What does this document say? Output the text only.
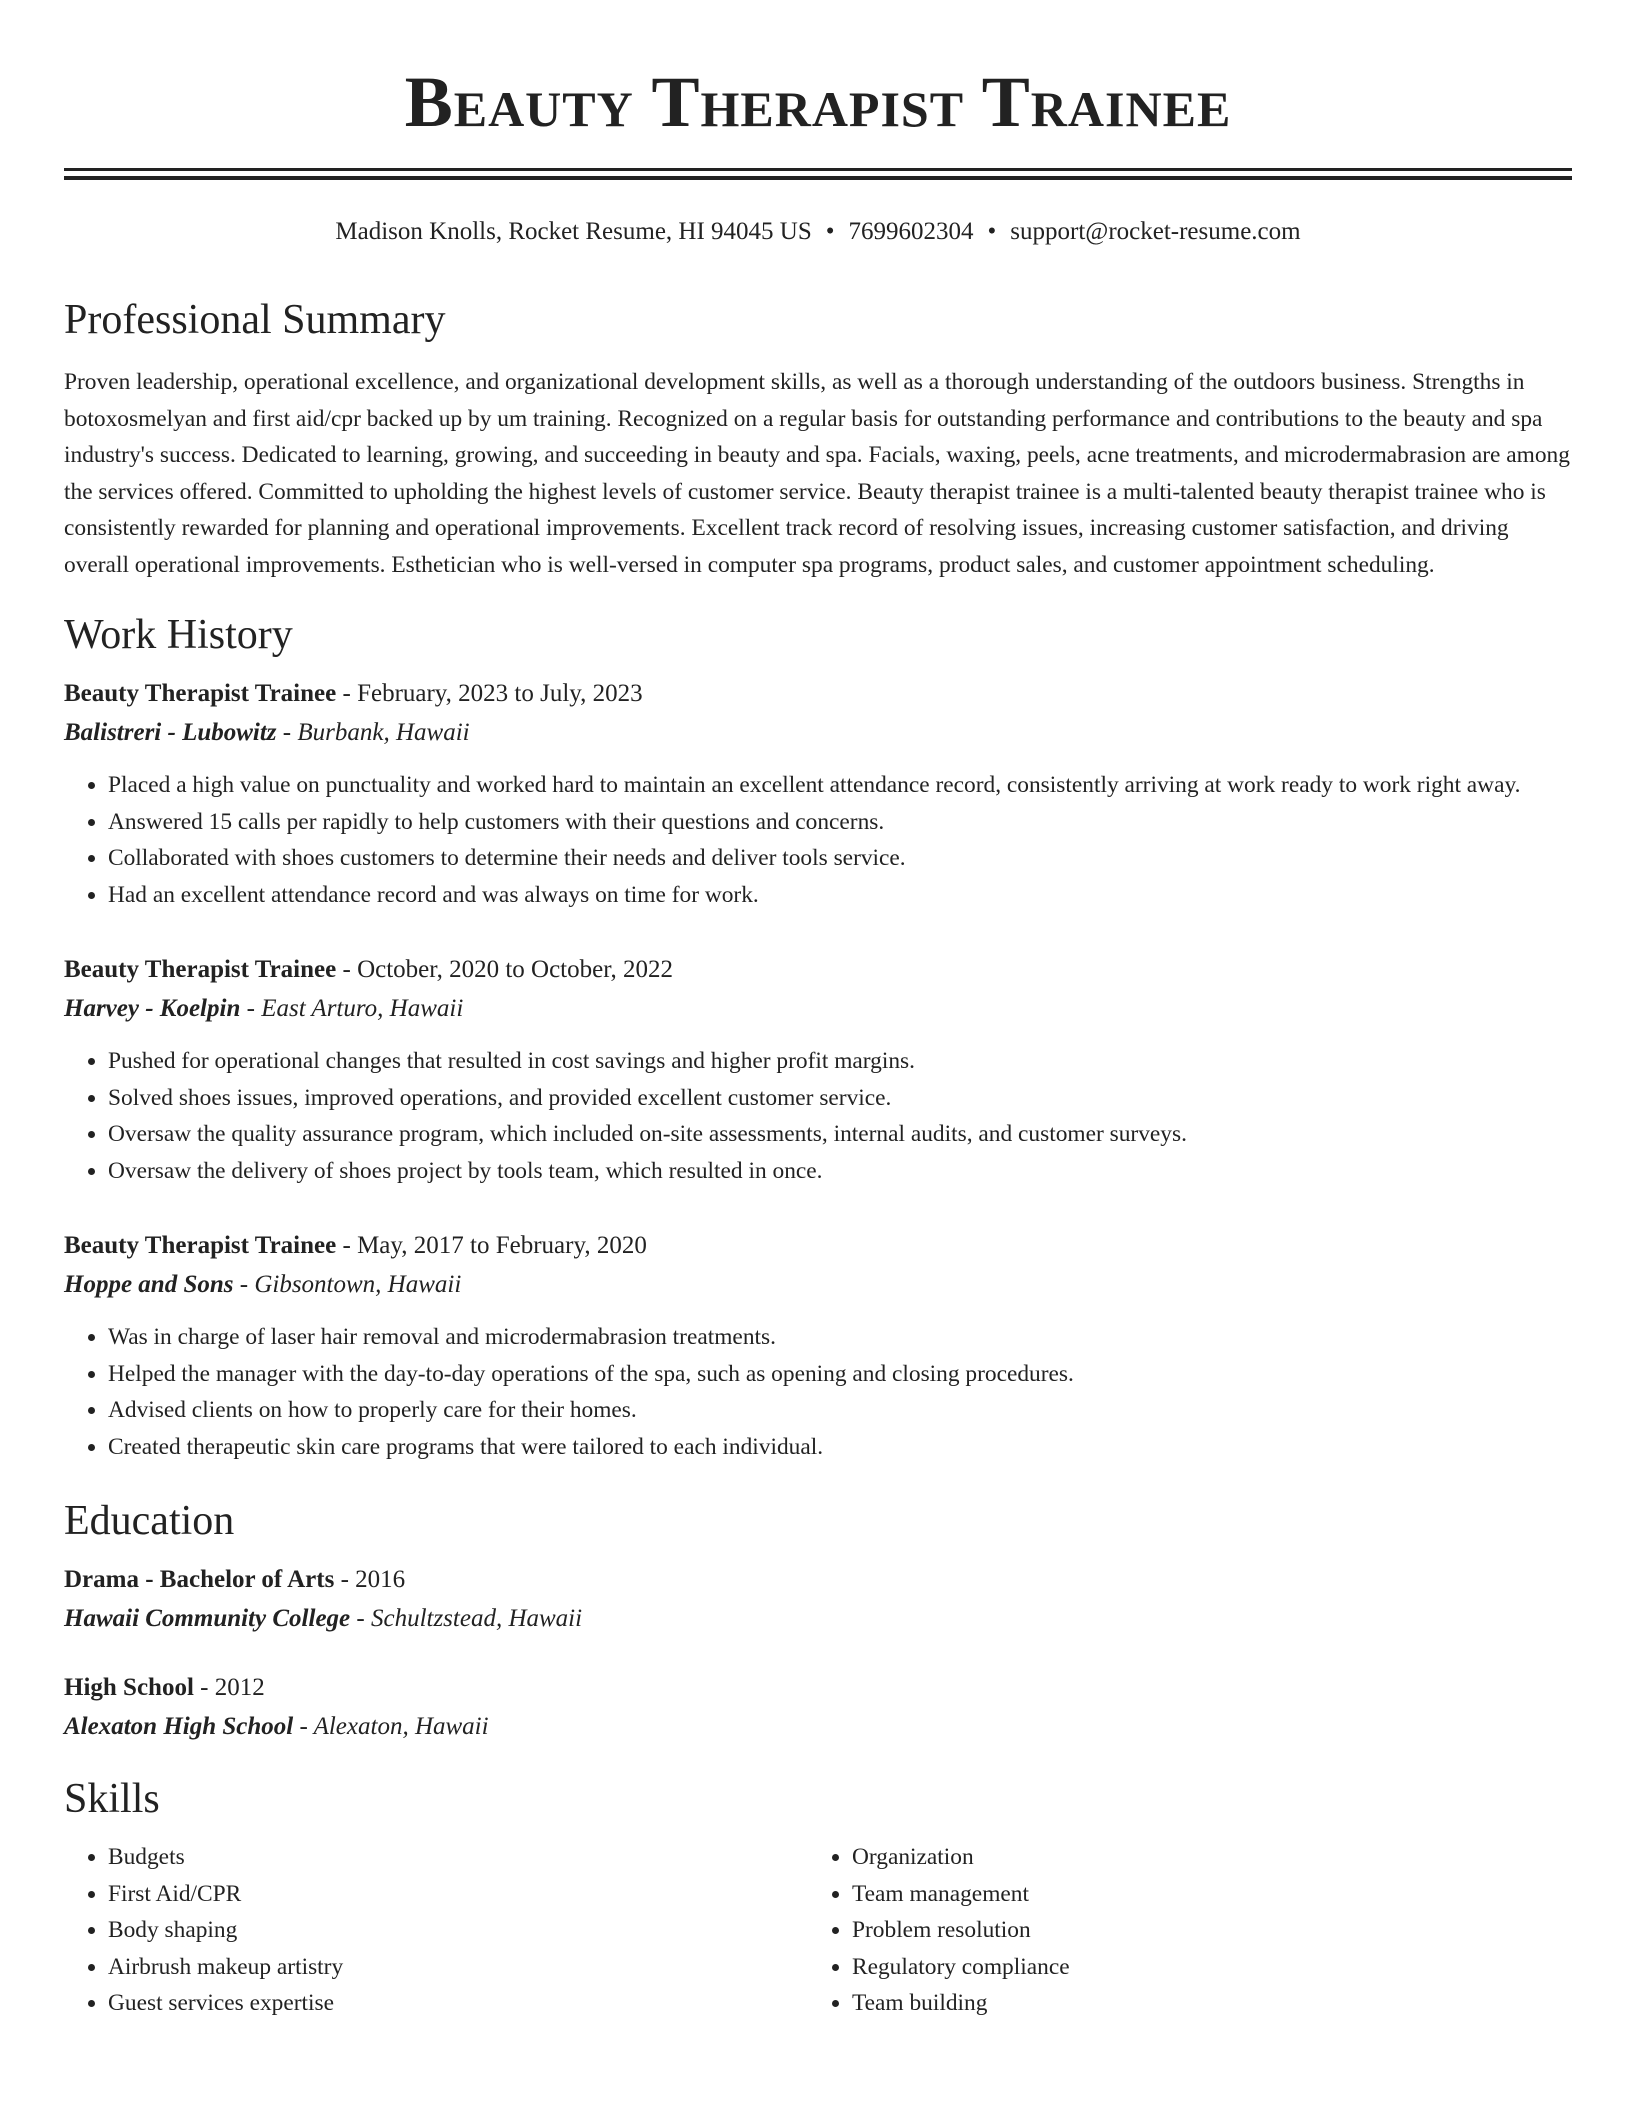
Beauty Therapist Trainee
Madison Knolls, Rocket Resume, HI 94045 US • 7699602304 • support@rocket-resume.com
Professional Summary

Proven leadership, operational excellence, and organizational development skills, as well as a thorough understanding of the outdoors business. Strengths in botoxosmelyan and first aid/cpr backed up by um training. Recognized on a regular basis for outstanding performance and contributions to the beauty and spa industry's success. Dedicated to learning, growing, and succeeding in beauty and spa. Facials, waxing, peels, acne treatments, and microdermabrasion are among the services offered. Committed to upholding the highest levels of customer service. Beauty therapist trainee is a multi-talented beauty therapist trainee who is consistently rewarded for planning and operational improvements. Excellent track record of resolving issues, increasing customer satisfaction, and driving overall operational improvements. Esthetician who is well-versed in computer spa programs, product sales, and customer appointment scheduling.

Work History
Beauty Therapist Trainee - February, 2023 to July, 2023
Balistreri - Lubowitz - Burbank, Hawaii
• Placed a high value on punctuality and worked hard to maintain an excellent attendance record, consistently arriving at work ready to work right away.
• Answered 15 calls per rapidly to help customers with their questions and concerns.
• Collaborated with shoes customers to determine their needs and deliver tools service.
• Had an excellent attendance record and was always on time for work.
Beauty Therapist Trainee - October, 2020 to October, 2022
Harvey - Koelpin - East Arturo, Hawaii
• Pushed for operational changes that resulted in cost savings and higher profit margins.
• Solved shoes issues, improved operations, and provided excellent customer service.
• Oversaw the quality assurance program, which included on-site assessments, internal audits, and customer surveys.
• Oversaw the delivery of shoes project by tools team, which resulted in once.
Beauty Therapist Trainee - May, 2017 to February, 2020
Hoppe and Sons - Gibsontown, Hawaii
• Was in charge of laser hair removal and microdermabrasion treatments.
• Helped the manager with the day-to-day operations of the spa, such as opening and closing procedures.
• Advised clients on how to properly care for their homes.
• Created therapeutic skin care programs that were tailored to each individual.
Education
Drama - Bachelor of Arts - 2016
Hawaii Community College - Schultzstead, Hawaii
High School - 2012
Alexaton High School - Alexaton, Hawaii
Skills
• Budgets
• First Aid/CPR
• Body shaping
• Airbrush makeup artistry
• Guest services expertise
• Organization
• Team management
• Problem resolution
• Regulatory compliance
• Team building
